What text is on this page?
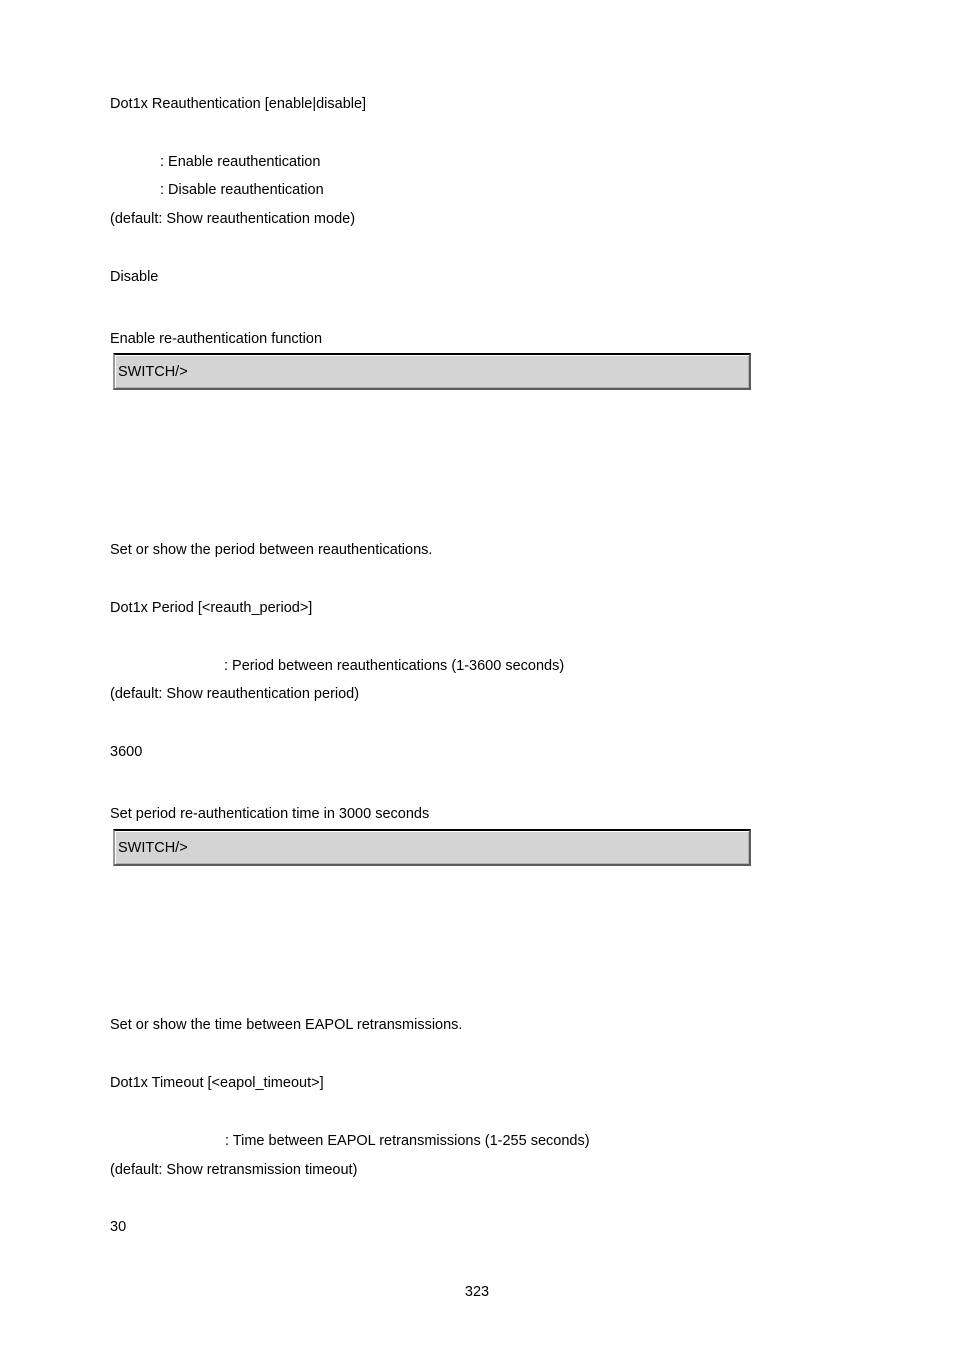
Dot1x Reauthentication [enable|disable]
: Enable reauthentication
: Disable reauthentication
(default: Show reauthentication mode)
Disable
Enable re-authentication function
SWITCH/>
Set or show the period between reauthentications.
Dot1x Period [<reauth_period>]
: Period between reauthentications (1-3600 seconds)
(default: Show reauthentication period)
3600
Set period re-authentication time in 3000 seconds
SWITCH/>
Set or show the time between EAPOL retransmissions.
Dot1x Timeout [<eapol_timeout>]
: Time between EAPOL retransmissions (1-255 seconds)
(default: Show retransmission timeout)
30
323
